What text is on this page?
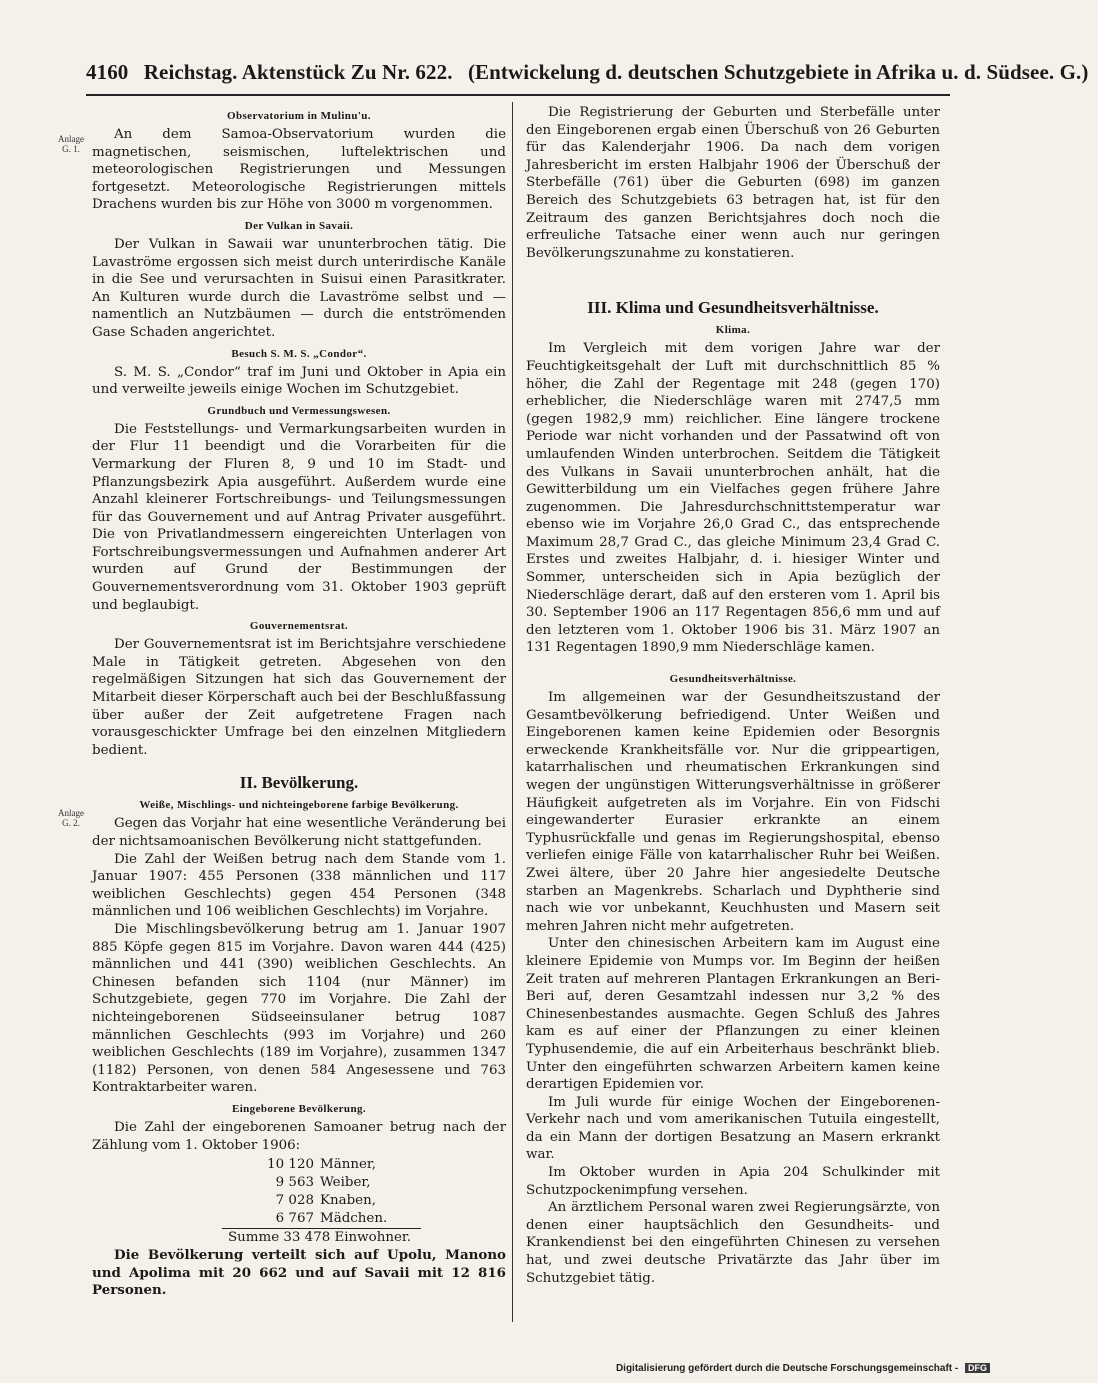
4160 Reichstag. Aktenstück Zu Nr. 622. (Entwickelung d. deutschen Schutzgebiete in Afrika u. d. Südsee. G.)
Anlage G. 1.
Anlage G. 2.
Observatorium in Mulinu'u.

An dem Samoa-Observatorium wurden die magnetischen, seismischen, luftelektrischen und meteorologischen Registrierungen und Messungen fortgesetzt. Meteorologische Registrierungen mittels Drachens wurden bis zur Höhe von 3000 m vorgenommen.

Der Vulkan in Savaii.

Der Vulkan in Sawaii war ununterbrochen tätig. Die Lavaströme ergossen sich meist durch unterirdische Kanäle in die See und verursachten in Suisui einen Parasitkrater. An Kulturen wurde durch die Lavaströme selbst und — namentlich an Nutzbäumen — durch die entströmenden Gase Schaden angerichtet.

Besuch S. M. S. „Condor“.

S. M. S. „Condor“ traf im Juni und Oktober in Apia ein und verweilte jeweils einige Wochen im Schutzgebiet.

Grundbuch und Vermessungswesen.

Die Feststellungs- und Vermarkungsarbeiten wurden in der Flur 11 beendigt und die Vorarbeiten für die Vermarkung der Fluren 8, 9 und 10 im Stadt- und Pflanzungsbezirk Apia ausgeführt. Außerdem wurde eine Anzahl kleinerer Fortschreibungs- und Teilungsmessungen für das Gouvernement und auf Antrag Privater ausgeführt. Die von Privatlandmessern eingereichten Unterlagen von Fortschreibungsvermessungen und Aufnahmen anderer Art wurden auf Grund der Bestimmungen der Gouvernementsverordnung vom 31. Oktober 1903 geprüft und beglaubigt.

Gouvernementsrat.

Der Gouvernementsrat ist im Berichtsjahre verschiedene Male in Tätigkeit getreten. Abgesehen von den regelmäßigen Sitzungen hat sich das Gouvernement der Mitarbeit dieser Körperschaft auch bei der Beschlußfassung über außer der Zeit aufgetretene Fragen nach vorausgeschickter Umfrage bei den einzelnen Mitgliedern bedient.

II. Bevölkerung.
Weiße, Mischlings- und nichteingeborene farbige Bevölkerung.

Gegen das Vorjahr hat eine wesentliche Veränderung bei der nichtsamoanischen Bevölkerung nicht stattgefunden.

Die Zahl der Weißen betrug nach dem Stande vom 1. Januar 1907: 455 Personen (338 männlichen und 117 weiblichen Geschlechts) gegen 454 Personen (348 männlichen und 106 weiblichen Geschlechts) im Vorjahre.

Die Mischlingsbevölkerung betrug am 1. Januar 1907 885 Köpfe gegen 815 im Vorjahre. Davon waren 444 (425) männlichen und 441 (390) weiblichen Geschlechts. An Chinesen befanden sich 1104 (nur Männer) im Schutzgebiete, gegen 770 im Vorjahre. Die Zahl der nichteingeborenen Südseeinsulaner betrug 1087 männlichen Geschlechts (993 im Vorjahre) und 260 weiblichen Geschlechts (189 im Vorjahre), zusammen 1347 (1182) Personen, von denen 584 Angesessene und 763 Kontraktarbeiter waren.

Eingeborene Bevölkerung.

Die Zahl der eingeborenen Samoaner betrug nach der Zählung vom 1. Oktober 1906:

10 120 Männer,
9 563 Weiber,
7 028 Knaben,
6 767 Mädchen.
Summe 33 478 Einwohner.

Die Bevölkerung verteilt sich auf Upolu, Manono und Apolima mit 20 662 und auf Savaii mit 12 816 Personen.

Die Registrierung der Geburten und Sterbefälle unter den Eingeborenen ergab einen Überschuß von 26 Geburten für das Kalenderjahr 1906. Da nach dem vorigen Jahresbericht im ersten Halbjahr 1906 der Überschuß der Sterbefälle (761) über die Geburten (698) im ganzen Bereich des Schutzgebiets 63 betragen hat, ist für den Zeitraum des ganzen Berichtsjahres doch noch die erfreuliche Tatsache einer wenn auch nur geringen Bevölkerungszunahme zu konstatieren.

III. Klima und Gesundheitsverhältnisse.
Klima.

Im Vergleich mit dem vorigen Jahre war der Feuchtigkeitsgehalt der Luft mit durchschnittlich 85 % höher, die Zahl der Regentage mit 248 (gegen 170) erheblicher, die Niederschläge waren mit 2747,5 mm (gegen 1982,9 mm) reichlicher. Eine längere trockene Periode war nicht vorhanden und der Passatwind oft von umlaufenden Winden unterbrochen. Seitdem die Tätigkeit des Vulkans in Savaii ununterbrochen anhält, hat die Gewitterbildung um ein Vielfaches gegen frühere Jahre zugenommen. Die Jahresdurchschnittstemperatur war ebenso wie im Vorjahre 26,0 Grad C., das entsprechende Maximum 28,7 Grad C., das gleiche Minimum 23,4 Grad C. Erstes und zweites Halbjahr, d. i. hiesiger Winter und Sommer, unterscheiden sich in Apia bezüglich der Niederschläge derart, daß auf den ersteren vom 1. April bis 30. September 1906 an 117 Regentagen 856,6 mm und auf den letzteren vom 1. Oktober 1906 bis 31. März 1907 an 131 Regentagen 1890,9 mm Niederschläge kamen.

Gesundheitsverhältnisse.

Im allgemeinen war der Gesundheitszustand der Gesamtbevölkerung befriedigend. Unter Weißen und Eingeborenen kamen keine Epidemien oder Besorgnis erweckende Krankheitsfälle vor. Nur die grippeartigen, katarrhalischen und rheumatischen Erkrankungen sind wegen der ungünstigen Witterungsverhältnisse in größerer Häufigkeit aufgetreten als im Vorjahre. Ein von Fidschi eingewanderter Eurasier erkrankte an einem Typhusrückfalle und genas im Regierungshospital, ebenso verliefen einige Fälle von katarrhalischer Ruhr bei Weißen. Zwei ältere, über 20 Jahre hier angesiedelte Deutsche starben an Magenkrebs. Scharlach und Dyphtherie sind nach wie vor unbekannt, Keuchhusten und Masern seit mehren Jahren nicht mehr aufgetreten.

Unter den chinesischen Arbeitern kam im August eine kleinere Epidemie von Mumps vor. Im Beginn der heißen Zeit traten auf mehreren Plantagen Erkrankungen an Beri-Beri auf, deren Gesamtzahl indessen nur 3,2 % des Chinesenbestandes ausmachte. Gegen Schluß des Jahres kam es auf einer der Pflanzungen zu einer kleinen Typhusendemie, die auf ein Arbeiterhaus beschränkt blieb. Unter den eingeführten schwarzen Arbeitern kamen keine derartigen Epidemien vor.

Im Juli wurde für einige Wochen der Eingeborenen-Verkehr nach und vom amerikanischen Tutuila eingestellt, da ein Mann der dortigen Besatzung an Masern erkrankt war.

Im Oktober wurden in Apia 204 Schulkinder mit Schutzpockenimpfung versehen.

An ärztlichem Personal waren zwei Regierungsärzte, von denen einer hauptsächlich den Gesundheits- und Krankendienst bei den eingeführten Chinesen zu versehen hat, und zwei deutsche Privatärzte das Jahr über im Schutzgebiet tätig.

Digitalisierung gefördert durch die Deutsche Forschungsgemeinschaft - DFG
